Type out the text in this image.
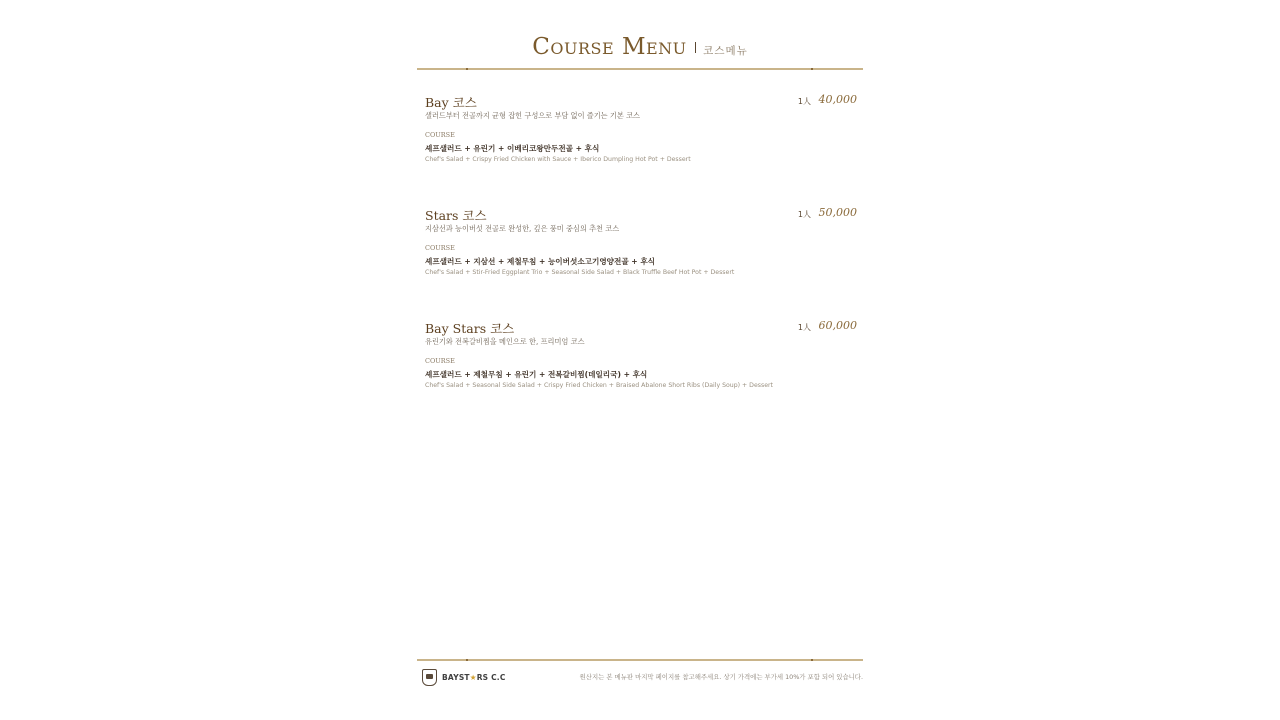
Course Menu 코스메뉴
Bay 코스	1人 40,000
샐러드부터 전골까지 균형 잡힌 구성으로 부담 없이 즐기는 기본 코스
COURSE
셰프샐러드 + 유린기 + 이베리코왕만두전골 + 후식
Chef's Salad + Crispy Fried Chicken with Sauce + Iberico Dumpling Hot Pot + Dessert
Stars 코스	1人 50,000
지삼선과 능이버섯 전골로 완성한, 깊은 풍미 중심의 추천 코스
COURSE
셰프샐러드 + 지삼선 + 제철무침 + 능이버섯소고기영양전골 + 후식
Chef's Salad + Stir-Fried Eggplant Trio + Seasonal Side Salad + Black Truffle Beef Hot Pot + Dessert
Bay Stars 코스	1人 60,000
유린기와 전복갈비찜을 메인으로 한, 프리미엄 코스
COURSE
셰프샐러드 + 제철무침 + 유린기 + 전복갈비찜(데일리국) + 후식
Chef's Salad + Seasonal Side Salad + Crispy Fried Chicken + Braised Abalone Short Ribs (Daily Soup) + Dessert
BAYST★RS C.C	원산지는 본 메뉴판 마지막 페이지를 참고해주세요. 상기 가격에는 부가세 10%가 포함 되어 있습니다.
